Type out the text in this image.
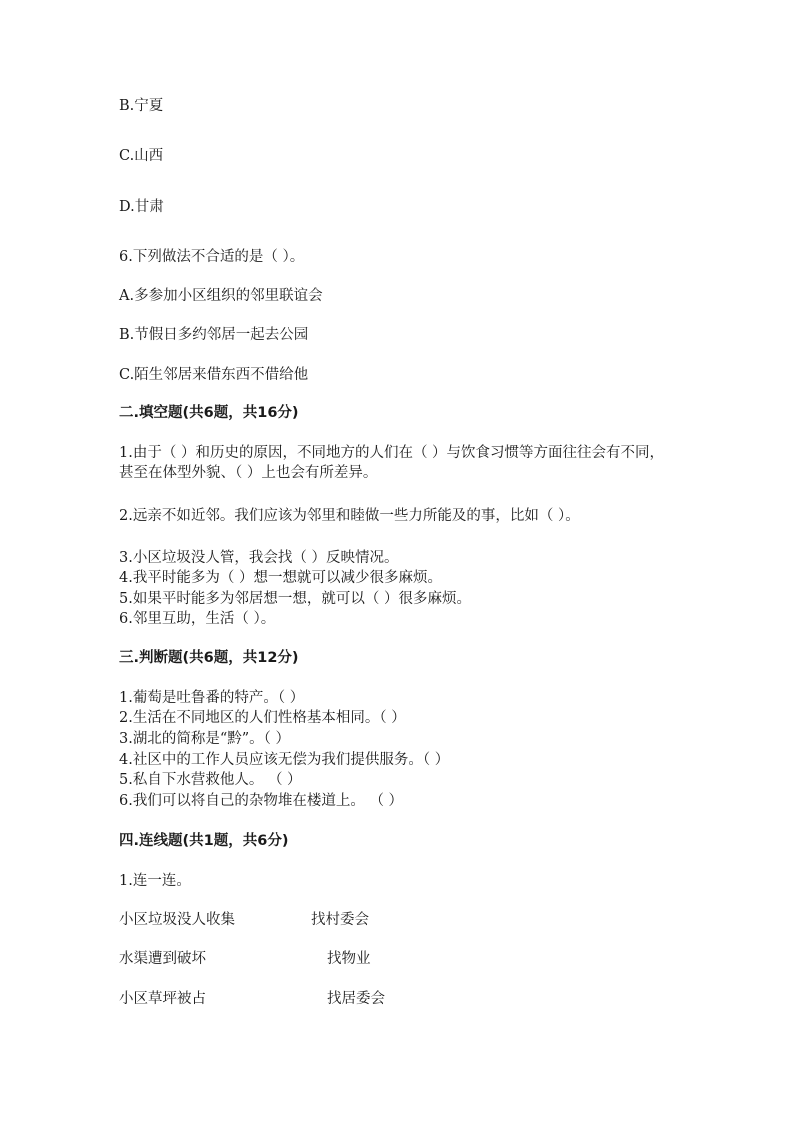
B.宁夏
C.山西
D.甘肃
6.下列做法不合适的是（ ）。
A.多参加小区组织的邻里联谊会
B.节假日多约邻居一起去公园
C.陌生邻居来借东西不借给他
二.填空题(共6题，共16分)
1.由于（ ）和历史的原因，不同地方的人们在（ ）与饮食习惯等方面往往会有不同，甚至在体型外貌、（ ）上也会有所差异。
2.远亲不如近邻。我们应该为邻里和睦做一些力所能及的事，比如（ ）。
3.小区垃圾没人管，我会找（ ）反映情况。
4.我平时能多为（ ）想一想就可以减少很多麻烦。
5.如果平时能多为邻居想一想，就可以（ ）很多麻烦。
6.邻里互助，生活（ ）。
三.判断题(共6题，共12分)
1.葡萄是吐鲁番的特产。（ ）
2.生活在不同地区的人们性格基本相同。（ ）
3.湖北的简称是“黔”。（ ）
4.社区中的工作人员应该无偿为我们提供服务。（ ）
5.私自下水营救他人。 （ ）
6.我们可以将自己的杂物堆在楼道上。 （ ）
四.连线题(共1题，共6分)
1.连一连。
小区垃圾没人收集	找村委会
水渠遭到破坏	找物业
小区草坪被占	找居委会
